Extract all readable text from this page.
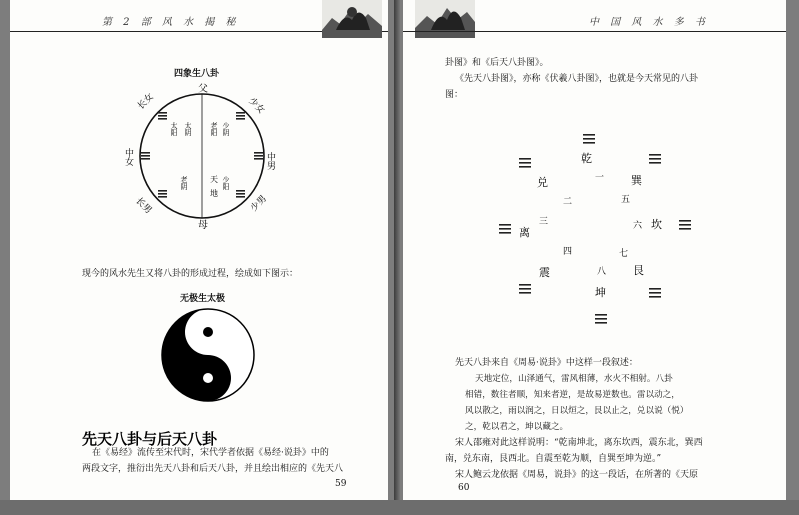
第 2 部 风 水 揭 秘
四象生八卦
父
母
少女
中男
少男
长男
中女
长女
老阳 少阴
少阳
老阴
太阳 太阴
天
地
现今的风水先生又将八卦的形成过程，绘成如下图示：
无极生太极
先天八卦与后天八卦
在《易经》流传至宋代时，宋代学者依据《易经·说卦》中的
两段文字，推衍出先天八卦和后天八卦，并且绘出相应的《先天八
59
中 国 风 水 多 书
卦图》和《后天八卦图》。
《先天八卦图》，亦称《伏羲八卦图》，也就是今天常见的八卦
图：
乾
兑
离
震
巽
坎
艮
坤
一
二
三
四
五
六
七
八
先天八卦来自《周易·说卦》中这样一段叙述：
天地定位，山泽通气，雷风相薄，水火不相射。八卦
相错，数往者顺，知来者逆，是故易逆数也。雷以动之，
风以散之，雨以润之，日以烜之，艮以止之，兑以说（悦）
之，乾以君之，坤以藏之。
宋人邵雍对此这样说明：“乾南坤北，离东坎西，震东北，巽西
南，兑东南，艮西北。自震至乾为顺，自巽至坤为逆。”
宋人鲍云龙依据《周易，说卦》的这一段话，在所著的《天原
60
